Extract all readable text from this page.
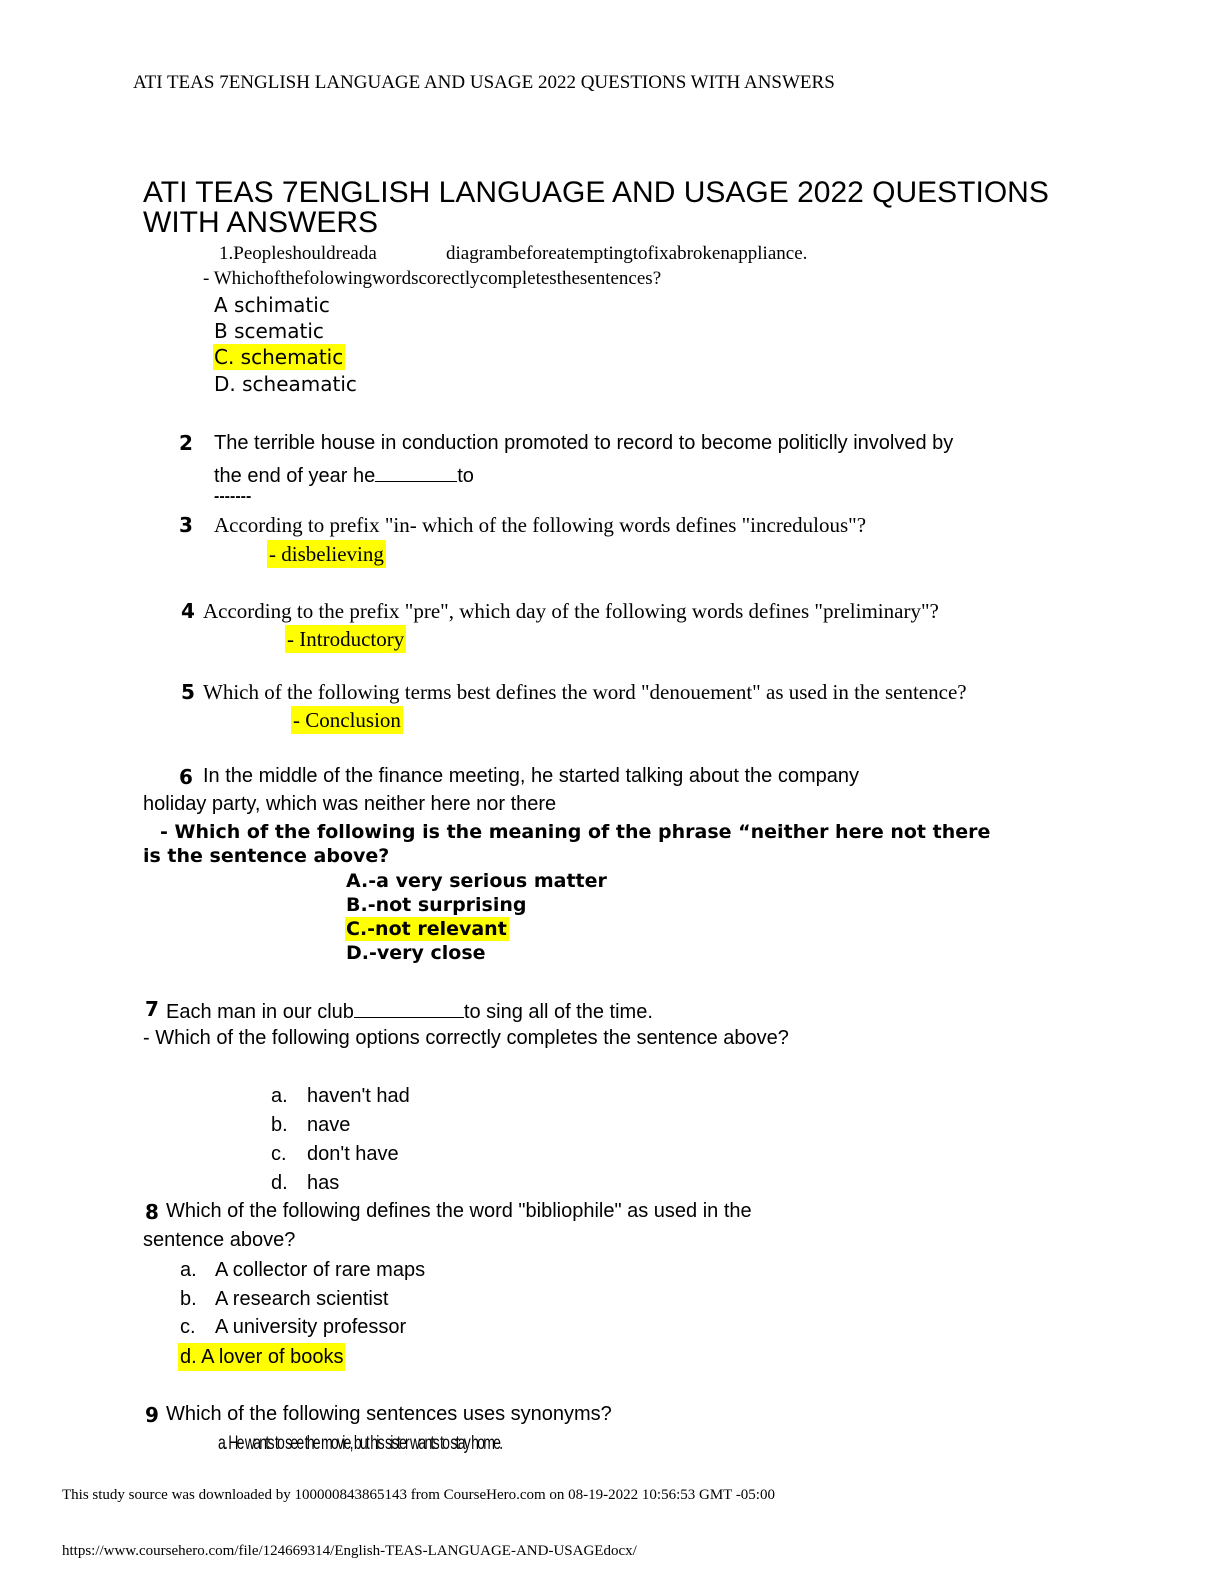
ATI TEAS 7ENGLISH LANGUAGE AND USAGE 2022 QUESTIONS WITH ANSWERS
ATI TEAS 7ENGLISH LANGUAGE AND USAGE 2022 QUESTIONS
WITH ANSWERS
1.Peopleshouldreada	diagrambeforeatemptingtofixabrokenappliance.
- Whichofthefolowingwordscorectlycompletesthesentences?
A schimatic
B scematic
C. schematic
D. scheamatic
2 The terrible house in conduction promoted to record to become politiclly involved by
the end of year he	to
-------
3 According to prefix "in- which of the following words defines "incredulous"?
- disbelieving
4 According to the prefix "pre", which day of the following words defines "preliminary"?
- Introductory
5 Which of the following terms best defines the word "denouement" as used in the sentence?
- Conclusion
6 In the middle of the finance meeting, he started talking about the company
holiday party, which was neither here nor there
- Which of the following is the meaning of the phrase “neither here not there
is the sentence above?
A.-a very serious matter
B.-not surprising
C.-not relevant
D.-very close
7 Each man in our club	to sing all of the time.
- Which of the following options correctly completes the sentence above?
a. haven't had
b. nave
c. don't have
d. has
8 Which of the following defines the word "bibliophile" as used in the
sentence above?
a. A collector of rare maps
b. A research scientist
c. A university professor
d. A lover of books
9 Which of the following sentences uses synonyms?
a. He wants to see the movie, but his sister wants to stay home.
This study source was downloaded by 100000843865143 from CourseHero.com on 08-19-2022 10:56:53 GMT -05:00
https://www.coursehero.com/file/124669314/English-TEAS-LANGUAGE-AND-USAGEdocx/
